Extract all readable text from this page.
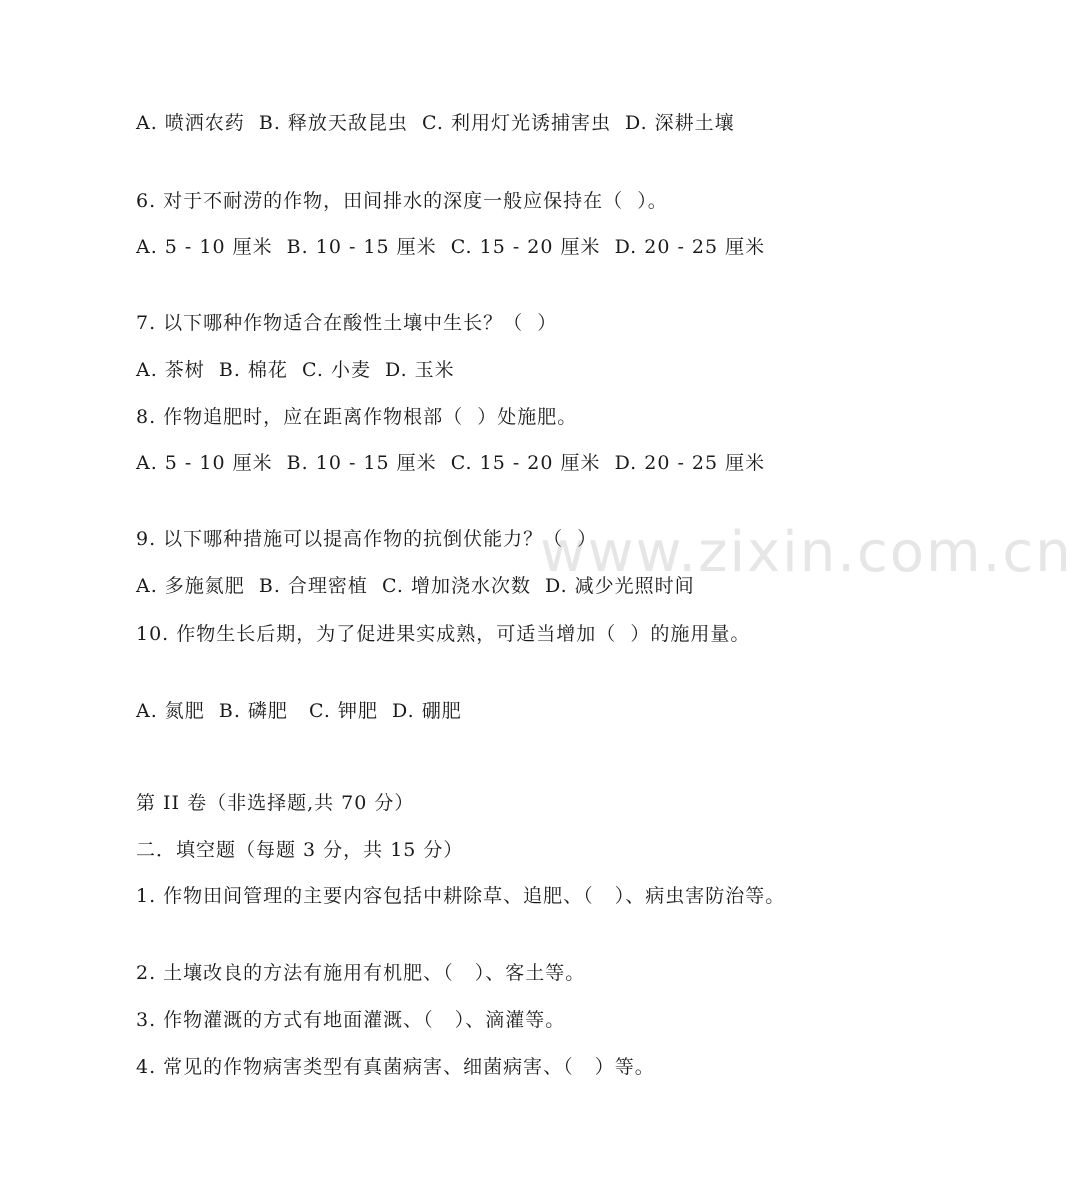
www.zixin.com.cn
A. 喷洒农药  B. 释放天敌昆虫  C. 利用灯光诱捕害虫  D. 深耕土壤
6. 对于不耐涝的作物，田间排水的深度一般应保持在（  ）。
A. 5 - 10 厘米  B. 10 - 15 厘米  C. 15 - 20 厘米  D. 20 - 25 厘米
7. 以下哪种作物适合在酸性土壤中生长？（  ）
A. 茶树  B. 棉花  C. 小麦  D. 玉米
8. 作物追肥时，应在距离作物根部（  ）处施肥。
A. 5 - 10 厘米  B. 10 - 15 厘米  C. 15 - 20 厘米  D. 20 - 25 厘米
9. 以下哪种措施可以提高作物的抗倒伏能力？（  ）
A. 多施氮肥  B. 合理密植  C. 增加浇水次数  D. 减少光照时间
10. 作物生长后期，为了促进果实成熟，可适当增加（  ）的施用量。
A. 氮肥  B. 磷肥   C. 钾肥  D. 硼肥
第 II 卷（非选择题,共 70 分）
二．填空题（每题 3 分，共 15 分）
1. 作物田间管理的主要内容包括中耕除草、追肥、（   ）、病虫害防治等。
2. 土壤改良的方法有施用有机肥、（   ）、客土等。
3. 作物灌溉的方式有地面灌溉、（   ）、滴灌等。
4. 常见的作物病害类型有真菌病害、细菌病害、（   ）等。
